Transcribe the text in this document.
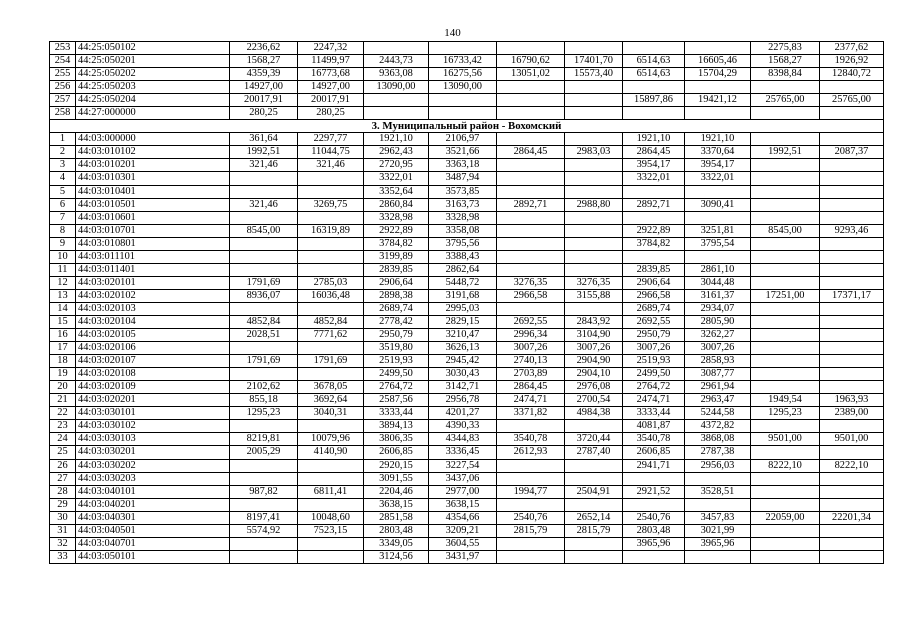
140
253	44:25:050102	2236,62	2247,32							2275,83	2377,62
254	44:25:050201	1568,27	11499,97	2443,73	16733,42	16790,62	17401,70	6514,63	16605,46	1568,27	1926,92
255	44:25:050202	4359,39	16773,68	9363,08	16275,56	13051,02	15573,40	6514,63	15704,29	8398,84	12840,72
256	44:25:050203	14927,00	14927,00	13090,00	13090,00						
257	44:25:050204	20017,91	20017,91					15897,86	19421,12	25765,00	25765,00
258	44:27:000000	280,25	280,25								
3. Муниципальный район - Вохомский											
1	44:03:000000	361,64	2297,77	1921,10	2106,97			1921,10	1921,10		
2	44:03:010102	1992,51	11044,75	2962,43	3521,66	2864,45	2983,03	2864,45	3370,64	1992,51	2087,37
3	44:03:010201	321,46	321,46	2720,95	3363,18			3954,17	3954,17		
4	44:03:010301			3322,01	3487,94			3322,01	3322,01		
5	44:03:010401			3352,64	3573,85						
6	44:03:010501	321,46	3269,75	2860,84	3163,73	2892,71	2988,80	2892,71	3090,41		
7	44:03:010601			3328,98	3328,98						
8	44:03:010701	8545,00	16319,89	2922,89	3358,08			2922,89	3251,81	8545,00	9293,46
9	44:03:010801			3784,82	3795,56			3784,82	3795,54		
10	44:03:011101			3199,89	3388,43						
11	44:03:011401			2839,85	2862,64			2839,85	2861,10		
12	44:03:020101	1791,69	2785,03	2906,64	5448,72	3276,35	3276,35	2906,64	3044,48		
13	44:03:020102	8936,07	16036,48	2898,38	3191,68	2966,58	3155,88	2966,58	3161,37	17251,00	17371,17
14	44:03:020103			2689,74	2995,03			2689,74	2934,07		
15	44:03:020104	4852,84	4852,84	2778,42	2829,15	2692,55	2843,92	2692,55	2805,90		
16	44:03:020105	2028,51	7771,62	2950,79	3210,47	2996,34	3104,90	2950,79	3262,27		
17	44:03:020106			3519,80	3626,13	3007,26	3007,26	3007,26	3007,26		
18	44:03:020107	1791,69	1791,69	2519,93	2945,42	2740,13	2904,90	2519,93	2858,93		
19	44:03:020108			2499,50	3030,43	2703,89	2904,10	2499,50	3087,77		
20	44:03:020109	2102,62	3678,05	2764,72	3142,71	2864,45	2976,08	2764,72	2961,94		
21	44:03:020201	855,18	3692,64	2587,56	2956,78	2474,71	2700,54	2474,71	2963,47	1949,54	1963,93
22	44:03:030101	1295,23	3040,31	3333,44	4201,27	3371,82	4984,38	3333,44	5244,58	1295,23	2389,00
23	44:03:030102			3894,13	4390,33			4081,87	4372,82		
24	44:03:030103	8219,81	10079,96	3806,35	4344,83	3540,78	3720,44	3540,78	3868,08	9501,00	9501,00
25	44:03:030201	2005,29	4140,90	2606,85	3336,45	2612,93	2787,40	2606,85	2787,38		
26	44:03:030202			2920,15	3227,54			2941,71	2956,03	8222,10	8222,10
27	44:03:030203			3091,55	3437,06						
28	44:03:040101	987,82	6811,41	2204,46	2977,00	1994,77	2504,91	2921,52	3528,51		
29	44:03:040201			3638,15	3638,15						
30	44:03:040301	8197,41	10048,60	2851,58	4354,66	2540,76	2652,14	2540,76	3457,83	22059,00	22201,34
31	44:03:040501	5574,92	7523,15	2803,48	3209,21	2815,79	2815,79	2803,48	3021,99		
32	44:03:040701			3349,05	3604,55			3965,96	3965,96		
33	44:03:050101			3124,56	3431,97						
